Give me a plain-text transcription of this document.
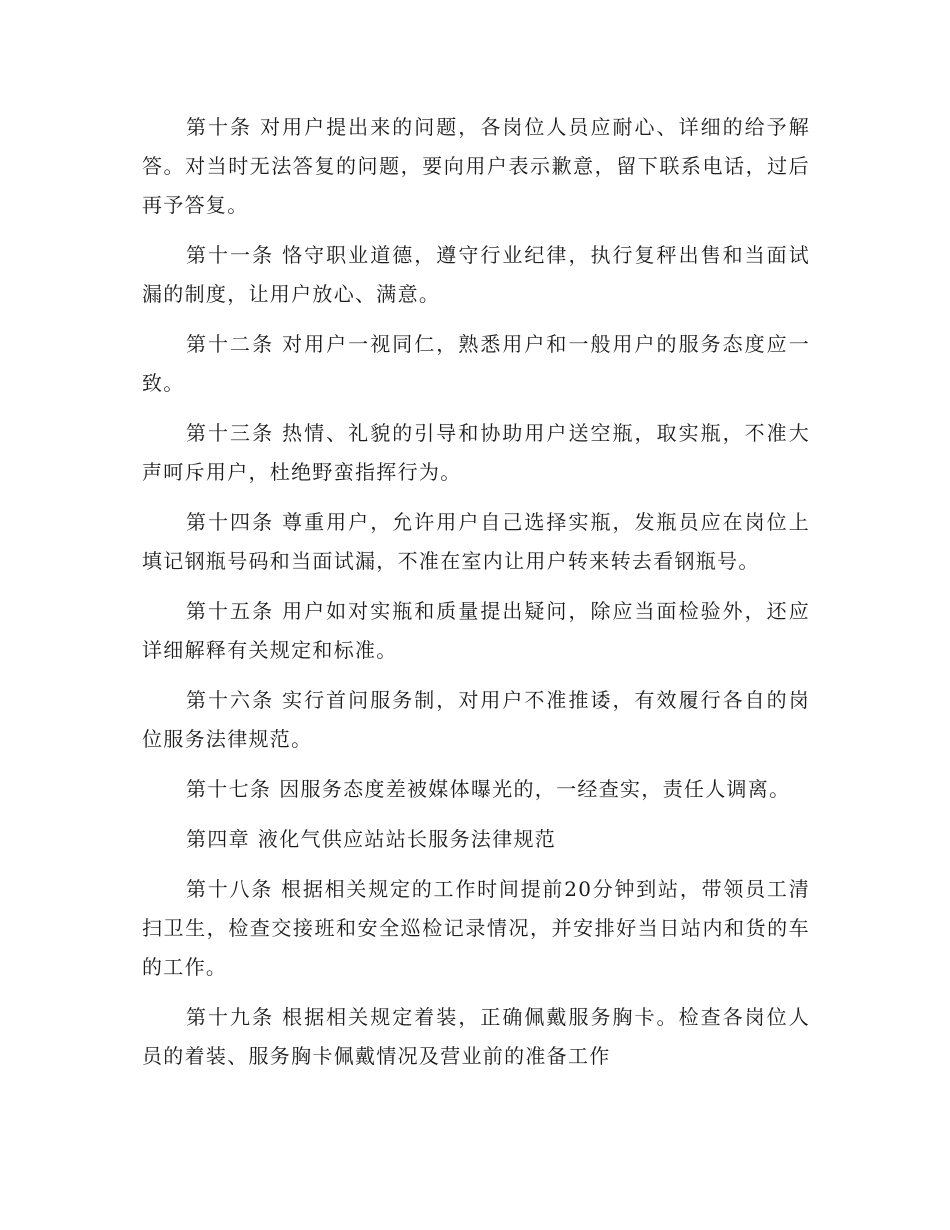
第十条 对用户提出来的问题，各岗位人员应耐心、详细的给予解答。对当时无法答复的问题，要向用户表示歉意，留下联系电话，过后再予答复。

第十一条 恪守职业道德，遵守行业纪律，执行复秤出售和当面试漏的制度，让用户放心、满意。

第十二条 对用户一视同仁，熟悉用户和一般用户的服务态度应一致。

第十三条 热情、礼貌的引导和协助用户送空瓶，取实瓶，不准大声呵斥用户，杜绝野蛮指挥行为。

第十四条 尊重用户，允许用户自己选择实瓶，发瓶员应在岗位上填记钢瓶号码和当面试漏，不准在室内让用户转来转去看钢瓶号。

第十五条 用户如对实瓶和质量提出疑问，除应当面检验外，还应详细解释有关规定和标准。

第十六条 实行首问服务制，对用户不准推诿，有效履行各自的岗位服务法律规范。

第十七条 因服务态度差被媒体曝光的，一经查实，责任人调离。

第四章 液化气供应站站长服务法律规范

第十八条 根据相关规定的工作时间提前20分钟到站，带领员工清扫卫生，检查交接班和安全巡检记录情况，并安排好当日站内和货的车的工作。

第十九条 根据相关规定着装，正确佩戴服务胸卡。检查各岗位人员的着装、服务胸卡佩戴情况及营业前的准备工作
